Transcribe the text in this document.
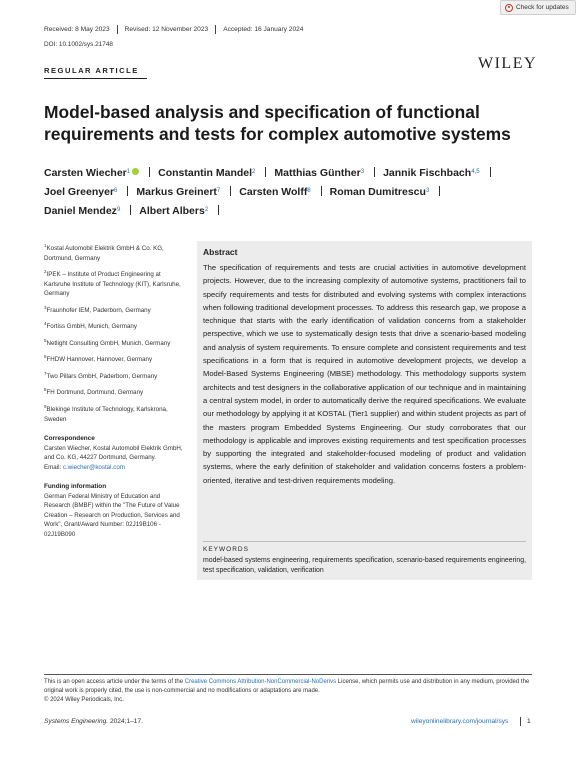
Received: 8 May 2023 Revised: 12 November 2023 Accepted: 16 January 2024
DOI: 10.1002/sys.21748
Check for updates
REGULAR ARTICLE	WILEY
Model-based analysis and specification of functional requirements and tests for complex automotive systems
Carsten Wiecher$^1$	Constantin Mandel$^2$ Matthias Günther$^3$ Jannik Fischbach$^{4,5}$
Joel Greenyer$^6$ Markus Greinert$^7$ Carsten Wolff$^8$ Roman Dumitrescu$^3$
Daniel Mendez$^9$ Albert Albers$^2$
$^1$Kostal Automobil Elektrik GmbH & Co. KG, Dortmund, Germany
$^2$IPEK – Institute of Product Engineering at Karlsruhe Institute of Technology (KIT), Karlsruhe, Germany
$^3$Fraunhofer IEM, Paderborn, Germany
$^4$Fortiss GmbH, Munich, Germany
$^5$Netlight Consulting GmbH, Munich, Germany
$^6$FHDW Hannover, Hannover, Germany
$^7$Two Pillars GmbH, Paderborn, Germany
$^8$FH Dortmund, Dortmund, Germany
$^9$Blekinge Institute of Technology, Karlskrona, Sweden
Correspondence
Carsten Wiecher, Kostal Automobil Elektrik GmbH, and Co. KG, 44227 Dortmund, Germany.
Email: c.wiecher@kostal.com
Funding information
German Federal Ministry of Education and Research (BMBF) within the "The Future of Value Creation – Research on Production, Services and Work", Grant/Award Number: 02J19B106 - 02J19B090
Abstract
The specification of requirements and tests are crucial activities in automotive development projects. However, due to the increasing complexity of automotive systems, practitioners fail to specify requirements and tests for distributed and evolving systems with complex interactions when following traditional development processes. To address this research gap, we propose a technique that starts with the early identification of validation concerns from a stakeholder perspective, which we use to systematically design tests that drive a scenario-based modeling and analysis of system requirements. To ensure complete and consistent requirements and test specifications in a form that is required in automotive development projects, we develop a Model-Based Systems Engineering (MBSE) methodology. This methodology supports system architects and test designers in the collaborative application of our technique and in maintaining a central system model, in order to automatically derive the required specifications. We evaluate our methodology by applying it at KOSTAL (Tier1 supplier) and within student projects as part of the masters program Embedded Systems Engineering. Our study corroborates that our methodology is applicable and improves existing requirements and test specification processes by supporting the integrated and stakeholder-focused modeling of product and validation systems, where the early definition of stakeholder and validation concerns fosters a problem-oriented, iterative and test-driven requirements modeling.
KEYWORDS
model-based systems engineering, requirements specification, scenario-based requirements engineering, test specification, validation, verification
This is an open access article under the terms of the Creative Commons Attribution-NonCommercial-NoDerivs License, which permits use and distribution in any medium, provided the original work is properly cited, the use is non-commercial and no modifications or adaptations are made.
© 2024 Wiley Periodicals, Inc.
Systems Engineering. 2024;1–17.	wileyonlinelibrary.com/journal/sys	1
